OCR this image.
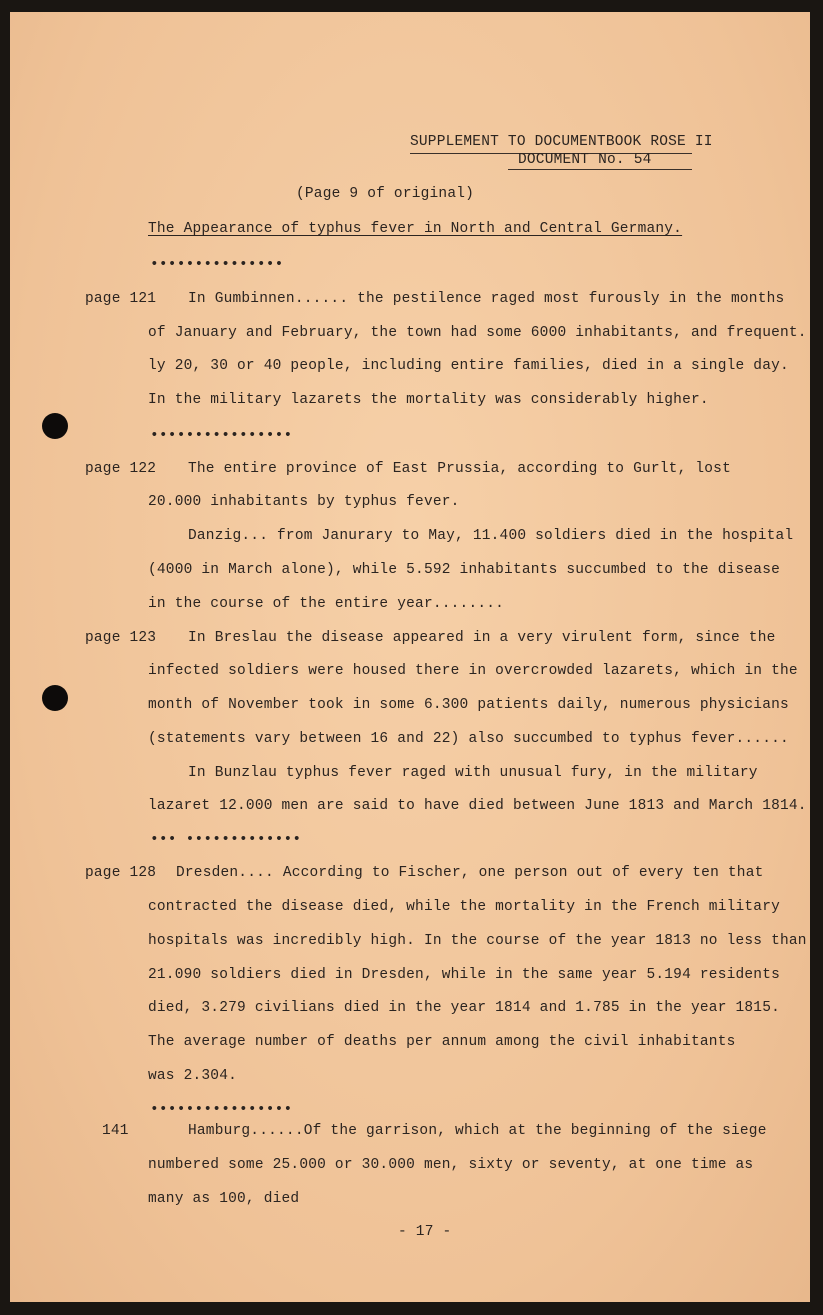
SUPPLEMENT TO DOCUMENTBOOK ROSE II
DOCUMENT No. 54
(Page 9 of original)
The Appearance of typhus fever in North and Central Germany.
•••••••••••••••
page 121 In Gumbinnen...... the pestilence raged most furously in the months
of January and February, the town had some 6000 inhabitants, and frequent.
ly 20, 30 or 40 people, including entire families, died in a single day.
In the military lazarets the mortality was considerably higher.
••••••••••••••••
page 122 The entire province of East Prussia, according to Gurlt, lost
20.000 inhabitants by typhus fever.
Danzig... from Janurary to May, 11.400 soldiers died in the hospital
(4000 in March alone), while 5.592 inhabitants succumbed to the disease
in the course of the entire year........
page 123 In Breslau the disease appeared in a very virulent form, since the
infected soldiers were housed there in overcrowded lazarets, which in the
month of November took in some 6.300 patients daily, numerous physicians
(statements vary between 16 and 22) also succumbed to typhus fever......
In Bunzlau typhus fever raged with unusual fury, in the military
lazaret 12.000 men are said to have died between June 1813 and March 1814.
••• •••••••••••••
page 128 Dresden.... According to Fischer, one person out of every ten that
contracted the disease died, while the mortality in the French military
hospitals was incredibly high. In the course of the year 1813 no less than
21.090 soldiers died in Dresden, while in the same year 5.194 residents
died, 3.279 civilians died in the year 1814 and 1.785 in the year 1815.
The average number of deaths per annum among the civil inhabitants
was 2.304.
••••••••••••••••
141	Hamburg......Of the garrison, which at the beginning of the siege
numbered some 25.000 or 30.000 men, sixty or seventy, at one time as
many as 100, died
- 17 -
